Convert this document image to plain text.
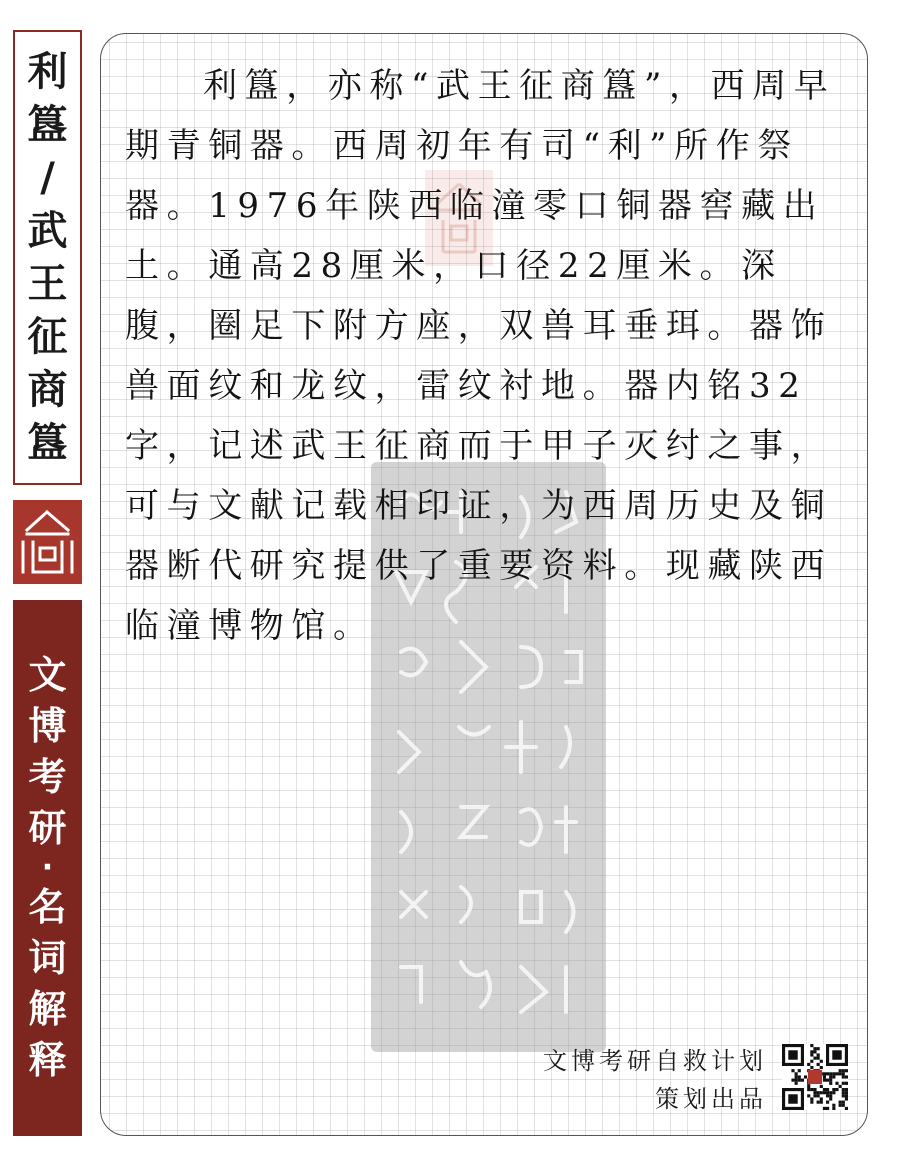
利
簋
/
武
王
征
商
簋
文
博
考
研
·
名
词
解
释

利簋，亦称“武王征商簋”，西周早期青铜器。西周初年有司“利”所作祭器。1976年陕西临潼零口铜器窖藏出土。通高28厘米，口径22厘米。深腹，圈足下附方座，双兽耳垂珥。器饰兽面纹和龙纹，雷纹衬地。器内铭32字，记述武王征商而于甲子灭纣之事，可与文献记载相印证，为西周历史及铜器断代研究提供了重要资料。现藏陕西临潼博物馆。

文博考研自救计划
策划出品
